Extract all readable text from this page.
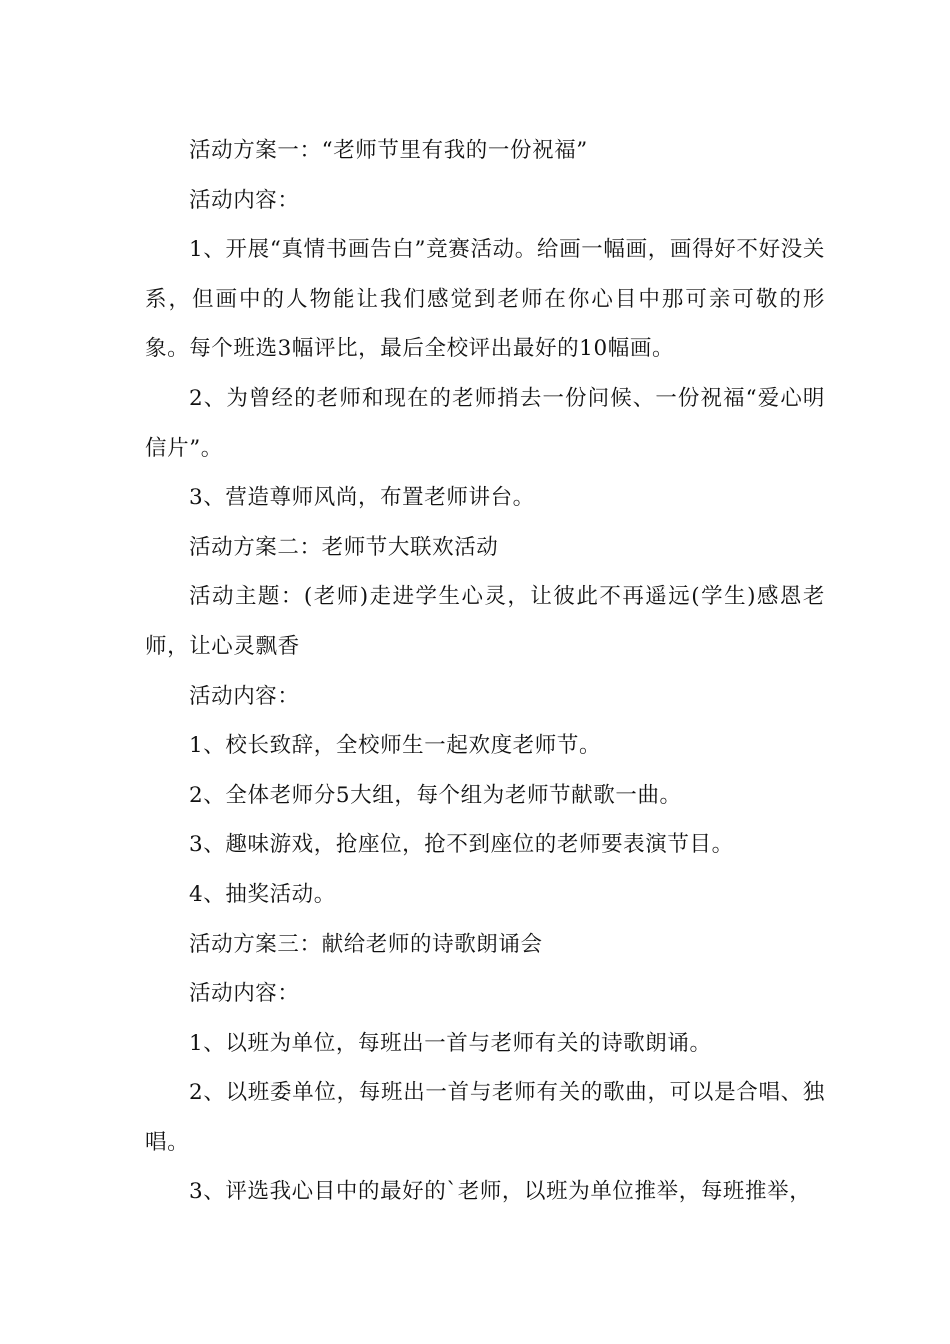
活动方案一：“老师节里有我的一份祝福”

活动内容：

1、开展“真情书画告白”竞赛活动。给画一幅画，画得好不好没关系，但画中的人物能让我们感觉到老师在你心目中那可亲可敬的形象。每个班选3幅评比，最后全校评出最好的10幅画。

2、为曾经的老师和现在的老师捎去一份问候、一份祝福“爱心明信片”。

3、营造尊师风尚，布置老师讲台。

活动方案二：老师节大联欢活动

活动主题：(老师)走进学生心灵，让彼此不再遥远(学生)感恩老师，让心灵飘香

活动内容：

1、校长致辞，全校师生一起欢度老师节。

2、全体老师分5大组，每个组为老师节献歌一曲。

3、趣味游戏，抢座位，抢不到座位的老师要表演节目。

4、抽奖活动。

活动方案三：献给老师的诗歌朗诵会

活动内容：

1、以班为单位，每班出一首与老师有关的诗歌朗诵。

2、以班委单位，每班出一首与老师有关的歌曲，可以是合唱、独唱。

3、评选我心目中的最好的`老师，以班为单位推举，每班推举，
